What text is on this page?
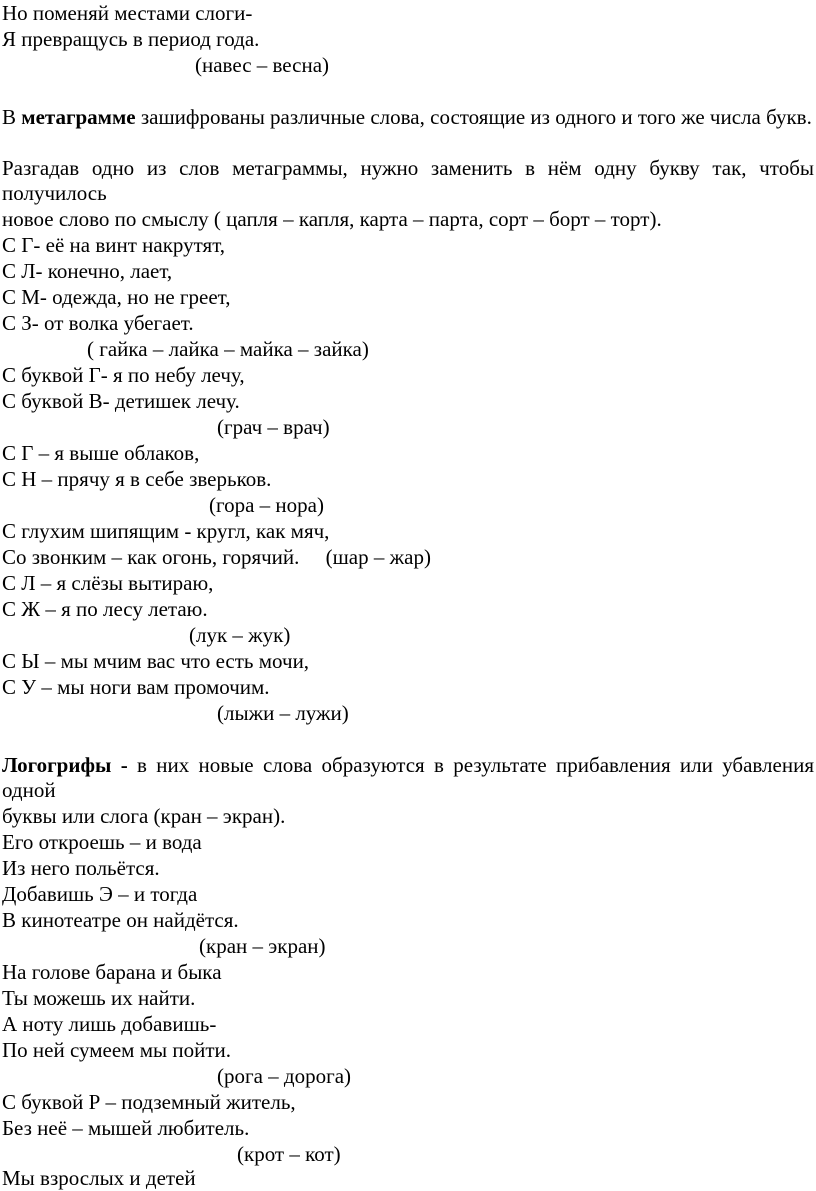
Но поменяй местами слоги-
Я превращусь в период года.
(навес – весна)
В метаграмме зашифрованы различные слова, состоящие из одного и того же числа букв.
Разгадав одно из слов метаграммы, нужно заменить в нём одну букву так, чтобы получилось
новое слово по смыслу ( цапля – капля, карта – парта, сорт – борт – торт).
С Г- её на винт накрутят,
С Л- конечно, лает,
С М- одежда, но не греет,
С З- от волка убегает.
( гайка – лайка – майка – зайка)
С буквой Г- я по небу лечу,
С буквой В- детишек лечу.
(грач – врач)
С Г – я выше облаков,
С Н – прячу я в себе зверьков.
(гора – нора)
С глухим шипящим - кругл, как мяч,
Со звонким – как огонь, горячий.     (шар – жар)
С Л – я слёзы вытираю,
С Ж – я по лесу летаю.
(лук – жук)
С Ы – мы мчим вас что есть мочи,
С У – мы ноги вам промочим.
(лыжи – лужи)
Логогрифы - в них новые слова образуются в результате прибавления или убавления одной
буквы или слога (кран – экран).
Его откроешь – и вода
Из него польётся.
Добавишь Э – и тогда
В кинотеатре он найдётся.
(кран – экран)
На голове барана и быка
Ты можешь их найти.
А ноту лишь добавишь-
По ней сумеем мы пойти.
(рога – дорога)
С буквой Р – подземный житель,
Без неё – мышей любитель.
(крот – кот)
Мы взрослых и детей
